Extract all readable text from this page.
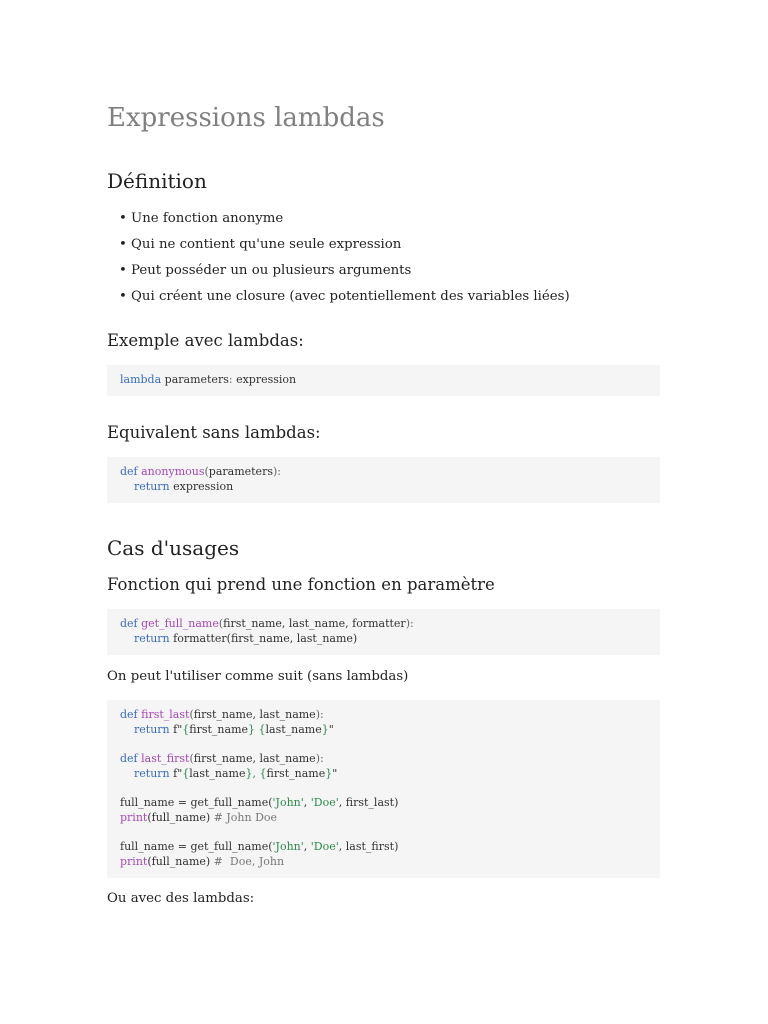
Expressions lambdas
Définition
• Une fonction anonyme
• Qui ne contient qu'une seule expression
• Peut posséder un ou plusieurs arguments
• Qui créent une closure (avec potentiellement des variables liées)
Exemple avec lambdas:
lambda parameters: expression
Equivalent sans lambdas:
def anonymous(parameters):
return expression
Cas d'usages
Fonction qui prend une fonction en paramètre
def get_full_name(first_name, last_name, formatter):
return formatter(first_name, last_name)

On peut l'utiliser comme suit (sans lambdas)

def first_last(first_name, last_name):
return f"{first_name} {last_name}"
def last_first(first_name, last_name):
return f"{last_name}, {first_name}"
full_name = get_full_name('John', 'Doe', first_last)
print(full_name) # John Doe
full_name = get_full_name('John', 'Doe', last_first)
print(full_name) #  Doe, John

Ou avec des lambdas:
